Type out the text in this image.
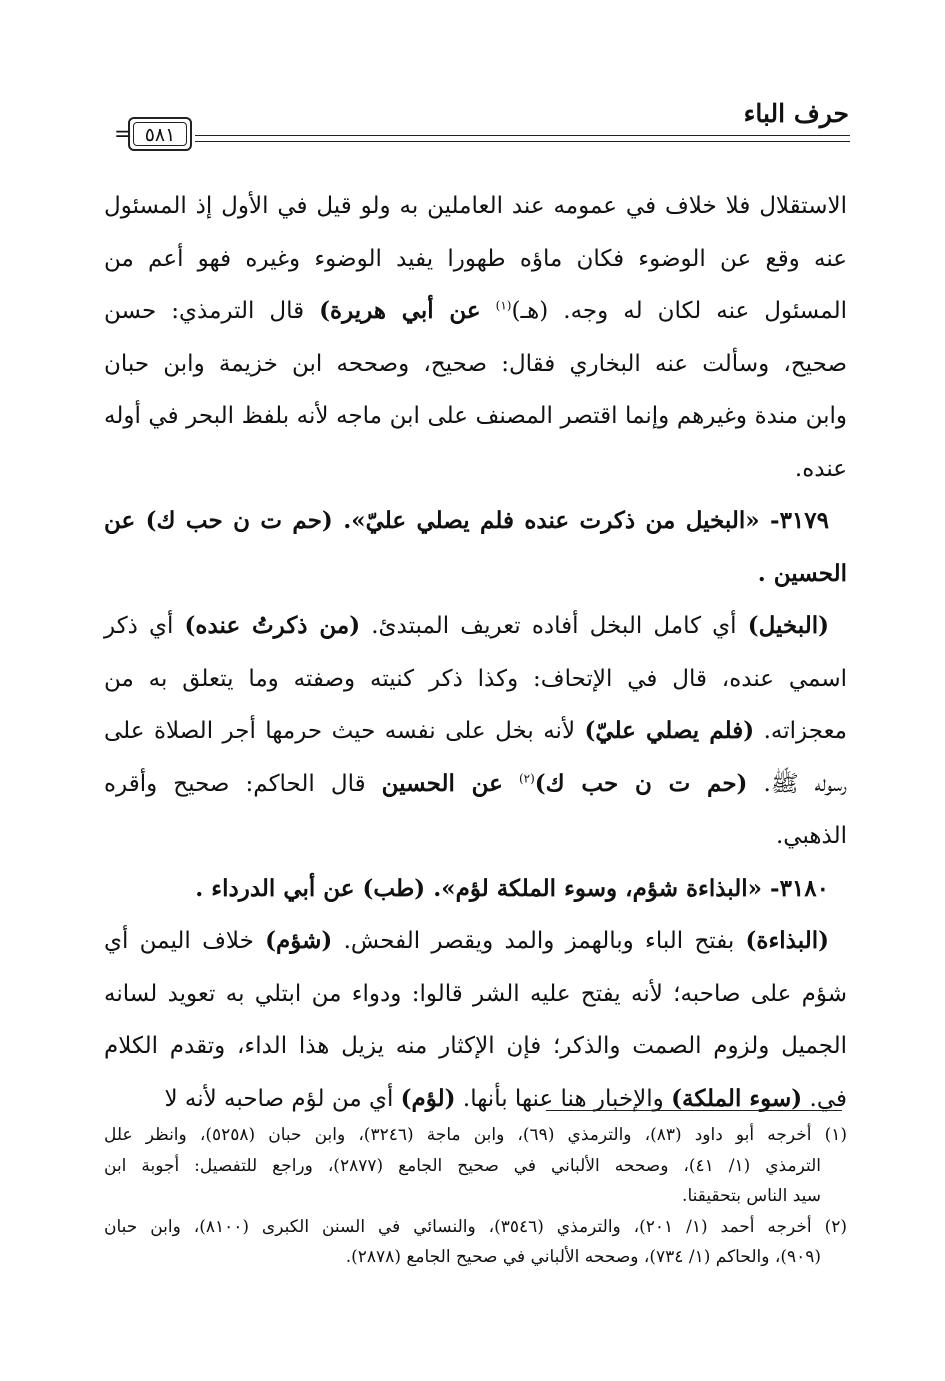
حرف الباء
= ٥٨١
الاستقلال فلا خلاف في عمومه عند العاملين به ولو قيل في الأول إذ المسئول
عنه وقع عن الوضوء فكان ماؤه طهورا يفيد الوضوء وغيره فهو أعم من
المسئول عنه لكان له وجه. (هـ)$^{(١)}$ عن أبي هريرة) قال الترمذي: حسن
صحيح، وسألت عنه البخاري فقال: صحيح، وصححه ابن خزيمة وابن حبان
وابن مندة وغيرهم وإنما اقتصر المصنف على ابن ماجه لأنه بلفظ البحر في أوله
عنده.
٣١٧٩- «البخيل من ذكرت عنده فلم يصلي عليّ». (حم ت ن حب ك) عن
الحسين .
(البخيل) أي كامل البخل أفاده تعريف المبتدئ. (من ذكرتُ عنده) أي ذكر
اسمي عنده، قال في الإتحاف: وكذا ذكر كنيته وصفته وما يتعلق به من
معجزاته. (فلم يصلي عليّ) لأنه بخل على نفسه حيث حرمها أجر الصلاة على
رسوله ﷺ. (حم ت ن حب ك)$^{(٢)}$ عن الحسين قال الحاكم: صحيح وأقره
الذهبي.
٣١٨٠- «البذاءة شؤم، وسوء الملكة لؤم». (طب) عن أبي الدرداء .
(البذاءة) بفتح الباء وبالهمز والمد ويقصر الفحش. (شؤم) خلاف اليمن أي
شؤم على صاحبه؛ لأنه يفتح عليه الشر قالوا: ودواء من ابتلي به تعويد لسانه
الجميل ولزوم الصمت والذكر؛ فإن الإكثار منه يزيل هذا الداء، وتقدم الكلام
في. (سوء الملكة) والإخبار هنا عنها بأنها. (لؤم) أي من لؤم صاحبه لأنه لا
(١) أخرجه أبو داود (٨٣)، والترمذي (٦٩)، وابن ماجة (٣٢٤٦)، وابن حبان (٥٢٥٨)، وانظر علل
الترمذي (١/ ٤١)، وصححه الألباني في صحيح الجامع (٢٨٧٧)، وراجع للتفصيل: أجوبة ابن
سيد الناس بتحقيقنا.
(٢) أخرجه أحمد (١/ ٢٠١)، والترمذي (٣٥٤٦)، والنسائي في السنن الكبرى (٨١٠٠)، وابن حبان
(٩٠٩)، والحاكم (١/ ٧٣٤)، وصححه الألباني في صحيح الجامع (٢٨٧٨).
